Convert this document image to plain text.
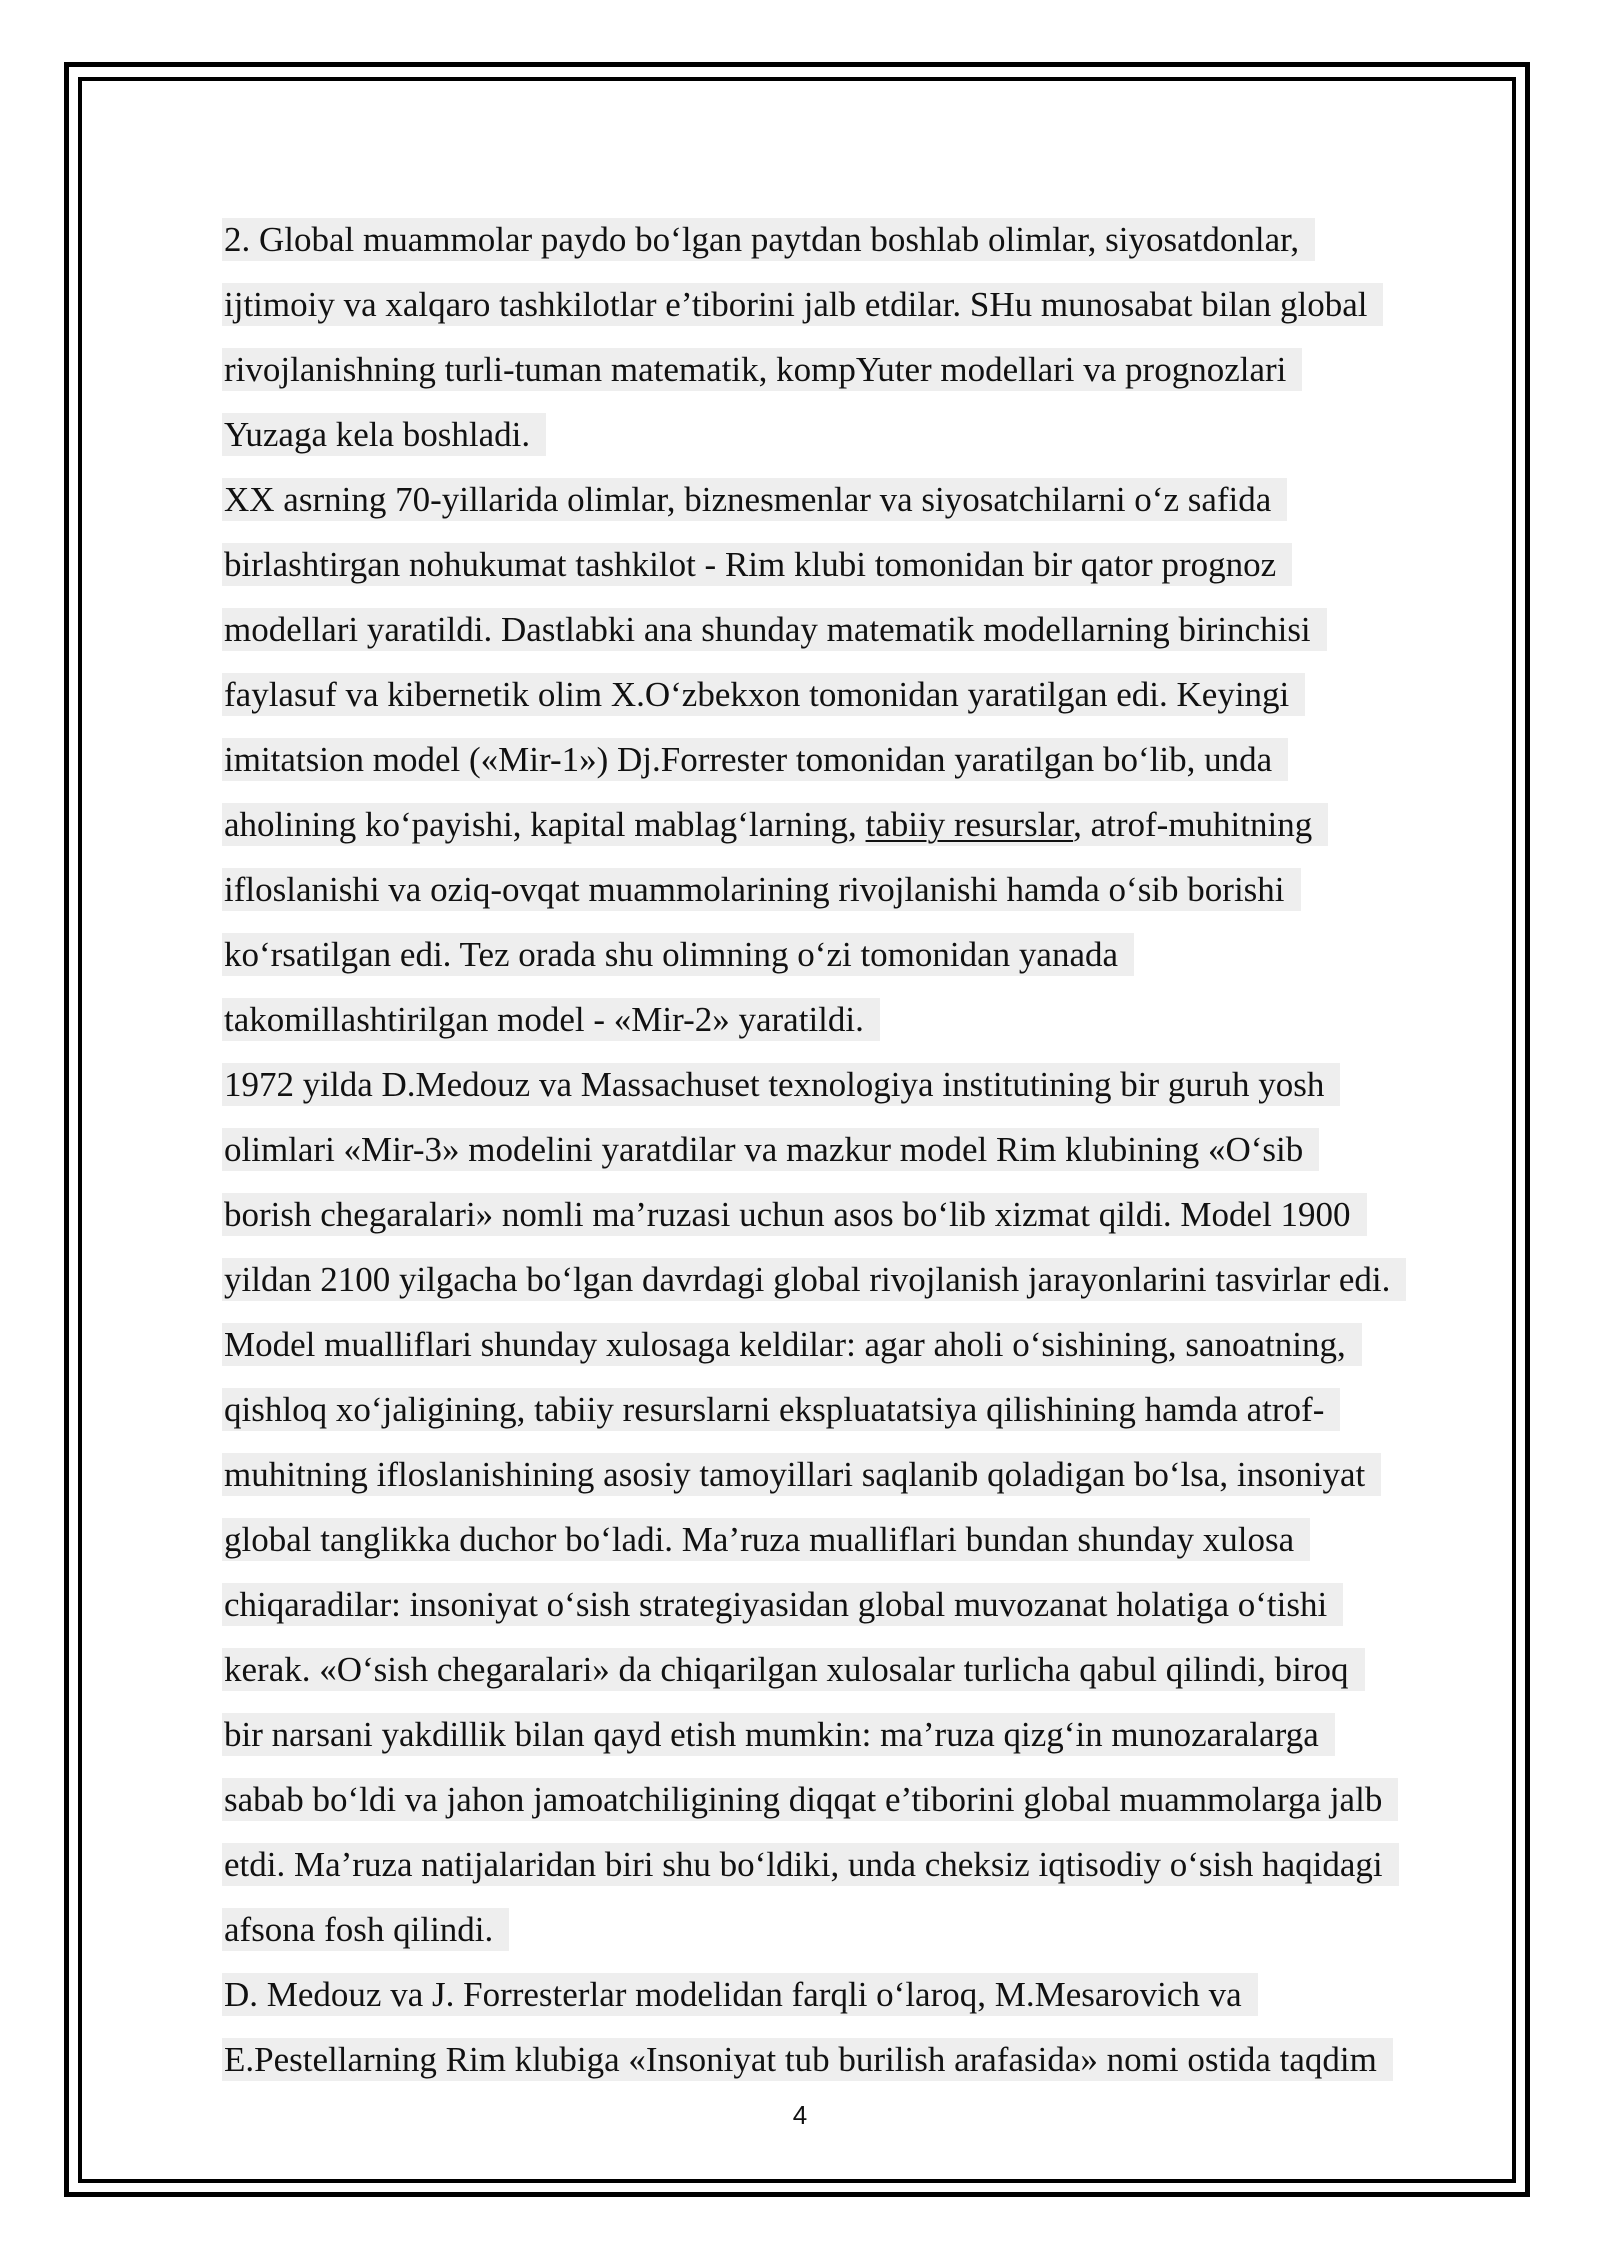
2. Global muammolar paydo bo‘lgan paytdan boshlab olimlar, siyosatdonlar,
ijtimoiy va xalqaro tashkilotlar e’tiborini jalb etdilar. SHu munosabat bilan global
rivojlanishning turli-tuman matematik, kompYuter modellari va prognozlari
Yuzaga kela boshladi.
XX asrning 70-yillarida olimlar, biznesmenlar va siyosatchilarni o‘z safida
birlashtirgan nohukumat tashkilot - Rim klubi tomonidan bir qator prognoz
modellari yaratildi. Dastlabki ana shunday matematik modellarning birinchisi
faylasuf va kibernetik olim X.O‘zbekxon tomonidan yaratilgan edi. Keyingi
imitatsion model («Mir-1») Dj.Forrester tomonidan yaratilgan bo‘lib, unda
aholining ko‘payishi, kapital mablag‘larning, tabiiy resurslar, atrof-muhitning
ifloslanishi va oziq-ovqat muammolarining rivojlanishi hamda o‘sib borishi
ko‘rsatilgan edi. Tez orada shu olimning o‘zi tomonidan yanada
takomillashtirilgan model - «Mir-2» yaratildi.
1972 yilda D.Medouz va Massachuset texnologiya institutining bir guruh yosh
olimlari «Mir-3» modelini yaratdilar va mazkur model Rim klubining «O‘sib
borish chegaralari» nomli ma’ruzasi uchun asos bo‘lib xizmat qildi. Model 1900
yildan 2100 yilgacha bo‘lgan davrdagi global rivojlanish jarayonlarini tasvirlar edi.
Model mualliflari shunday xulosaga keldilar: agar aholi o‘sishining, sanoatning,
qishloq xo‘jaligining, tabiiy resurslarni ekspluatatsiya qilishining hamda atrof-
muhitning ifloslanishining asosiy tamoyillari saqlanib qoladigan bo‘lsa, insoniyat
global tanglikka duchor bo‘ladi. Ma’ruza mualliflari bundan shunday xulosa
chiqaradilar: insoniyat o‘sish strategiyasidan global muvozanat holatiga o‘tishi
kerak. «O‘sish chegaralari» da chiqarilgan xulosalar turlicha qabul qilindi, biroq
bir narsani yakdillik bilan qayd etish mumkin: ma’ruza qizg‘in munozaralarga
sabab bo‘ldi va jahon jamoatchiligining diqqat e’tiborini global muammolarga jalb
etdi. Ma’ruza natijalaridan biri shu bo‘ldiki, unda cheksiz iqtisodiy o‘sish haqidagi
afsona fosh qilindi.
D. Medouz va J. Forresterlar modelidan farqli o‘laroq, M.Mesarovich va
E.Pestellarning Rim klubiga «Insoniyat tub burilish arafasida» nomi ostida taqdim
4
